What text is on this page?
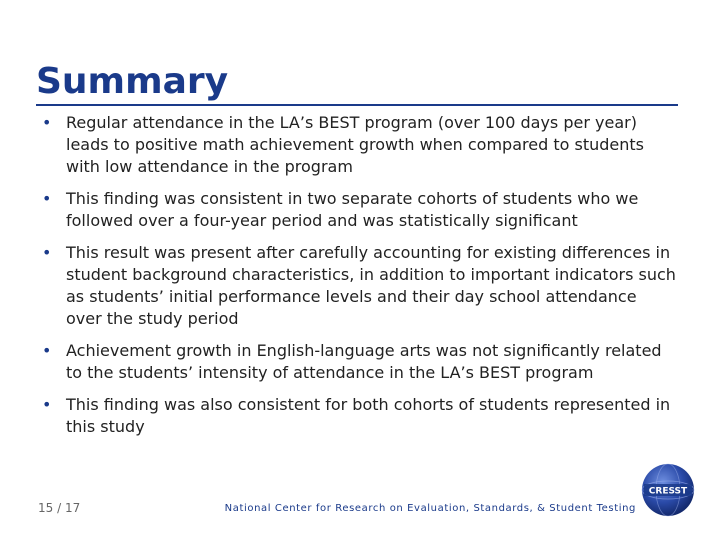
Summary
• Regular attendance in the LA’s BEST program (over 100 days per year) leads to positive math achievement growth when compared to students with low attendance in the program
• This finding was consistent in two separate cohorts of students who we followed over a four-year period and was statistically significant
• This result was present after carefully accounting for existing differences in student background characteristics, in addition to important indicators such as students’ initial performance levels and their day school attendance over the study period
• Achievement growth in English-language arts was not significantly related to the students’ intensity of attendance in the LA’s BEST program
• This finding was also consistent for both cohorts of students represented in this study
15 / 17	National Center for Research on Evaluation, Standards, & Student Testing
CRESST
